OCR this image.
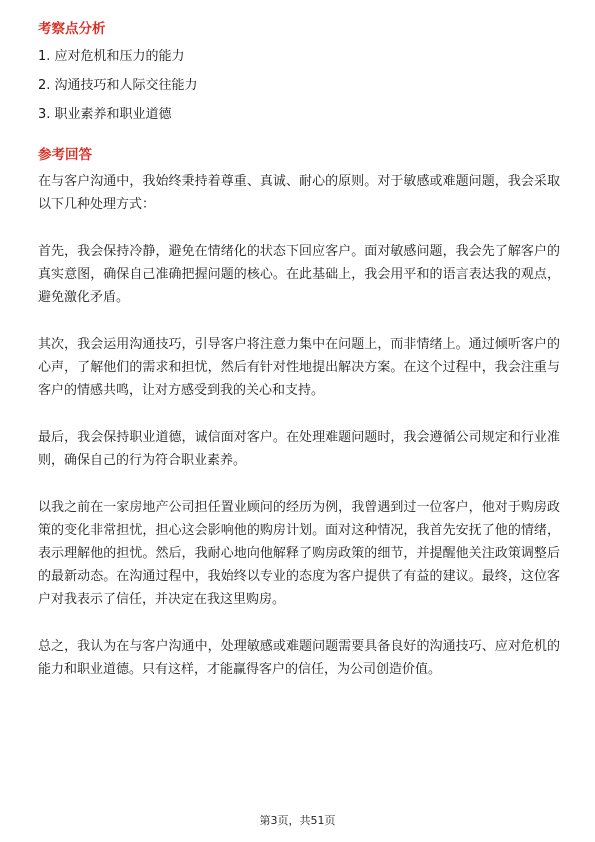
考察点分析
1. 应对危机和压力的能力
2. 沟通技巧和人际交往能力
3. 职业素养和职业道德
参考回答

在与客户沟通中，我始终秉持着尊重、真诚、耐心的原则。对于敏感或难题问题，我会采取以下几种处理方式：

首先，我会保持冷静，避免在情绪化的状态下回应客户。面对敏感问题，我会先了解客户的真实意图，确保自己准确把握问题的核心。在此基础上，我会用平和的语言表达我的观点，避免激化矛盾。

其次，我会运用沟通技巧，引导客户将注意力集中在问题上，而非情绪上。通过倾听客户的心声，了解他们的需求和担忧，然后有针对性地提出解决方案。在这个过程中，我会注重与客户的情感共鸣，让对方感受到我的关心和支持。

最后，我会保持职业道德，诚信面对客户。在处理难题问题时，我会遵循公司规定和行业准则，确保自己的行为符合职业素养。

以我之前在一家房地产公司担任置业顾问的经历为例，我曾遇到过一位客户，他对于购房政策的变化非常担忧，担心这会影响他的购房计划。面对这种情况，我首先安抚了他的情绪，表示理解他的担忧。然后，我耐心地向他解释了购房政策的细节，并提醒他关注政策调整后的最新动态。在沟通过程中，我始终以专业的态度为客户提供了有益的建议。最终，这位客户对我表示了信任，并决定在我这里购房。

总之，我认为在与客户沟通中，处理敏感或难题问题需要具备良好的沟通技巧、应对危机的能力和职业道德。只有这样，才能赢得客户的信任，为公司创造价值。

第3页，共51页
